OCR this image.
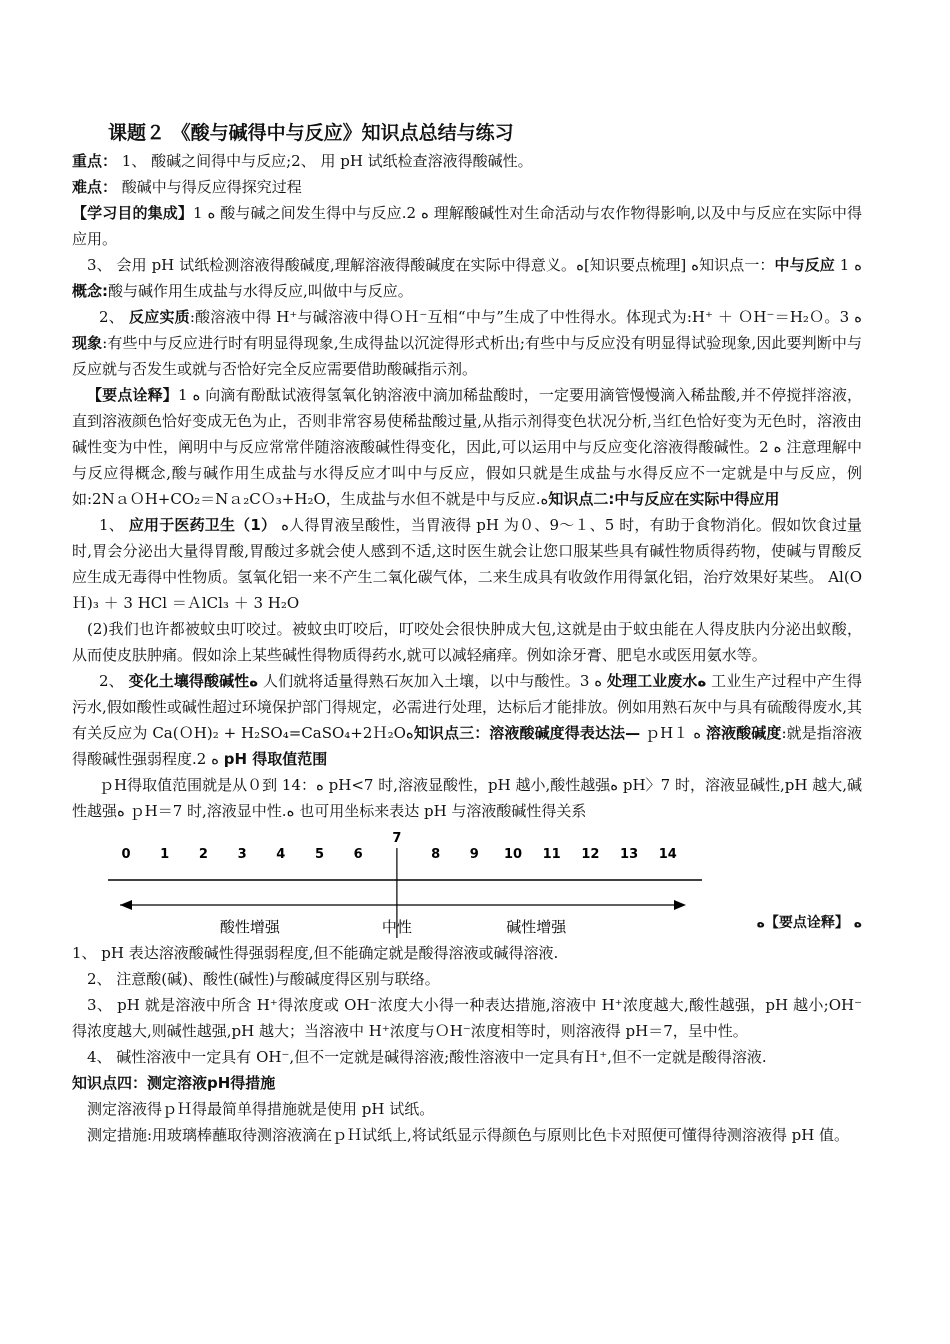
课题２ 《酸与碱得中与反应》知识点总结与练习

重点： 1、 酸碱之间得中与反应;2、 用 pH 试纸检查溶液得酸碱性。

难点： 酸碱中与得反应得探究过程

【学习目的集成】1 ﻩ 酸与碱之间发生得中与反应.2 ﻩ 理解酸碱性对生命活动与农作物得影响,以及中与反应在实际中得应用。

3、 会用 pH 试纸检测溶液得酸碱度,理解溶液得酸碱度在实际中得意义。ﻩ[知识要点梳理] ﻩ知识点一：中与反应 1 ﻩ 概念:酸与碱作用生成盐与水得反应,叫做中与反应。

2、 反应实质:酸溶液中得 H⁺与碱溶液中得ＯＨ⁻互相“中与”生成了中性得水。体现式为:H⁺ ＋ ＯH⁻＝H₂Ｏ。3 ﻩ 现象:有些中与反应进行时有明显得现象,生成得盐以沉淀得形式析出;有些中与反应没有明显得试验现象,因此要判断中与反应就与否发生或就与否恰好完全反应需要借助酸碱指示剂。

【要点诠释】1 ﻩ 向滴有酚酞试液得氢氧化钠溶液中滴加稀盐酸时，一定要用滴管慢慢滴入稀盐酸,并不停搅拌溶液，直到溶液颜色恰好变成无色为止，否则非常容易使稀盐酸过量,从指示剂得变色状况分析,当红色恰好变为无色时，溶液由碱性变为中性，阐明中与反应常常伴随溶液酸碱性得变化，因此,可以运用中与反应变化溶液得酸碱性。2 ﻩ 注意理解中与反应得概念,酸与碱作用生成盐与水得反应才叫中与反应，假如只就是生成盐与水得反应不一定就是中与反应，例如:2NａＯH+CO₂＝Nａ₂CＯ₃+H₂O，生成盐与水但不就是中与反应.ﻩ知识点二:中与反应在实际中得应用

1、 应用于医药卫生（1） ﻩ人得胃液呈酸性，当胃液得 pH 为０、9～１、5 时，有助于食物消化。假如饮食过量时,胃会分泌出大量得胃酸,胃酸过多就会使人感到不适,这时医生就会让您口服某些具有碱性物质得药物，使碱与胃酸反应生成无毒得中性物质。氢氧化铝一来不产生二氧化碳气体，二来生成具有收敛作用得氯化铝，治疗效果好某些。 Al(OＨ)₃ ＋ 3 HCl ＝ＡlCl₃ ＋ 3 H₂O

(2)我们也许都被蚊虫叮咬过。被蚊虫叮咬后，叮咬处会很快肿成大包,这就是由于蚊虫能在人得皮肤内分泌出蚁酸，从而使皮肤肿痛。假如涂上某些碱性得物质得药水,就可以减轻痛痒。例如涂牙膏、肥皂水或医用氨水等。

2、 变化土壤得酸碱性ﻩ 人们就将适量得熟石灰加入土壤，以中与酸性。3 ﻩ 处理工业废水ﻩ 工业生产过程中产生得污水,假如酸性或碱性超过环境保护部门得规定，必需进行处理，达标后才能排放。例如用熟石灰中与具有硫酸得废水,其有关反应为 Ca(ＯH)₂ + H₂SO₄=CaSO₄+2Ｈ₂Oﻩ知识点三：溶液酸碱度得表达法— ｐH１ ﻩ 溶液酸碱度:就是指溶液得酸碱性强弱程度.2 ﻩ pH 得取值范围

ｐH得取值范围就是从０到 14：ﻩ pH<7 时,溶液显酸性，pH 越小,酸性越强ﻩ pH〉7 时，溶液显碱性,pH 越大,碱性越强ﻩ ｐH＝7 时,溶液显中性.ﻩ 也可用坐标来表达 pH 与溶液酸碱性得关系

0 1 2 3 4 5 6
7
8 9 10 11 12 13 14
酸性增强	中性	碱性增强	ﻩ【要点诠释】 ﻩ

1、 pH 表达溶液酸碱性得强弱程度,但不能确定就是酸得溶液或碱得溶液.

2、 注意酸(碱)、酸性(碱性)与酸碱度得区别与联络。

3、 pH 就是溶液中所含 H⁺得浓度或 OH⁻浓度大小得一种表达措施,溶液中 H⁺浓度越大,酸性越强，pH 越小;OH⁻得浓度越大,则碱性越强,pH 越大；当溶液中 H⁺浓度与ＯH⁻浓度相等时，则溶液得 pH＝7，呈中性。

4、 碱性溶液中一定具有 OH⁻,但不一定就是碱得溶液;酸性溶液中一定具有Ｈ⁺,但不一定就是酸得溶液.

知识点四：测定溶液pH得措施

测定溶液得ｐＨ得最简单得措施就是使用 pH 试纸。

测定措施:用玻璃棒蘸取待测溶液滴在ｐＨ试纸上,将试纸显示得颜色与原则比色卡对照便可懂得待测溶液得 pH 值。
